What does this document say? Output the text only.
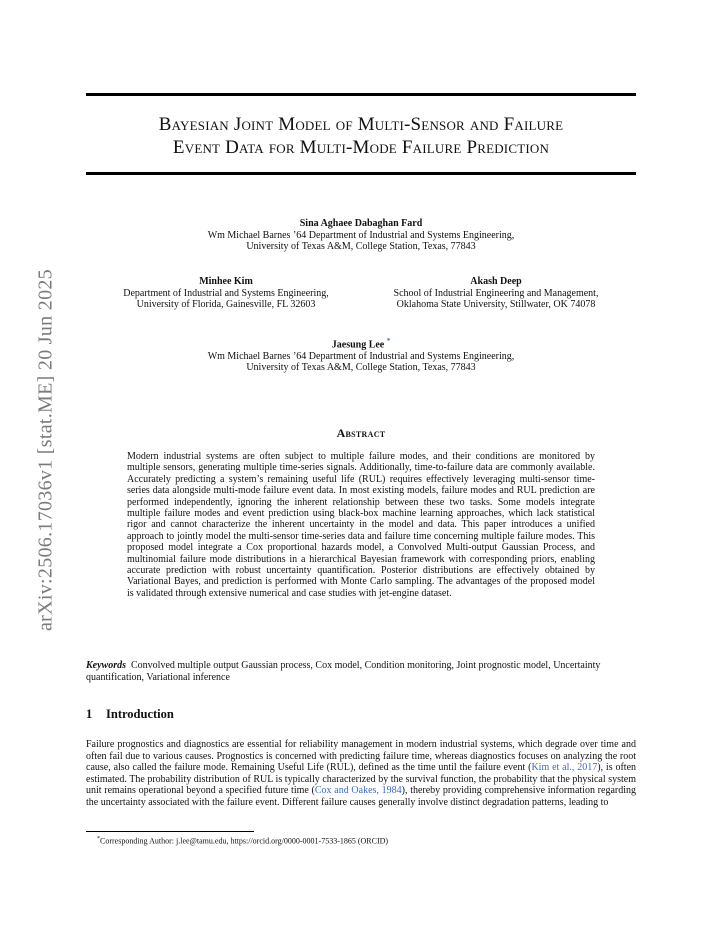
arXiv:2506.17036v1 [stat.ME] 20 Jun 2025
Bayesian Joint Model of Multi-Sensor and Failure
Event Data for Multi-Mode Failure Prediction
Sina Aghaee Dabaghan Fard
Wm Michael Barnes ’64 Department of Industrial and Systems Engineering,
University of Texas A&M, College Station, Texas, 77843
Minhee Kim
Department of Industrial and Systems Engineering,
University of Florida, Gainesville, FL 32603
Akash Deep
School of Industrial Engineering and Management,
Oklahoma State University, Stillwater, OK 74078
Jaesung Lee *
Wm Michael Barnes ’64 Department of Industrial and Systems Engineering,
University of Texas A&M, College Station, Texas, 77843
Abstract
Modern industrial systems are often subject to multiple failure modes, and their conditions are monitored by multiple sensors, generating multiple time-series signals. Additionally, time-to-failure data are commonly available. Accurately predicting a system’s remaining useful life (RUL) requires effectively leveraging multi-sensor time-series data alongside multi-mode failure event data. In most existing models, failure modes and RUL prediction are performed independently, ignoring the inherent relationship between these two tasks. Some models integrate multiple failure modes and event prediction using black-box machine learning approaches, which lack statistical rigor and cannot characterize the inherent uncertainty in the model and data. This paper introduces a unified approach to jointly model the multi-sensor time-series data and failure time concerning multiple failure modes. This proposed model integrate a Cox proportional hazards model, a Convolved Multi-output Gaussian Process, and multinomial failure mode distributions in a hierarchical Bayesian framework with corresponding priors, enabling accurate prediction with robust uncertainty quantification. Posterior distributions are effectively obtained by Variational Bayes, and prediction is performed with Monte Carlo sampling. The advantages of the proposed model is validated through extensive numerical and case studies with jet-engine dataset.
Keywords Convolved multiple output Gaussian process, Cox model, Condition monitoring, Joint prognostic model, Uncertainty quantification, Variational inference
1 Introduction
Failure prognostics and diagnostics are essential for reliability management in modern industrial systems, which degrade over time and often fail due to various causes. Prognostics is concerned with predicting failure time, whereas diagnostics focuses on analyzing the root cause, also called the failure mode. Remaining Useful Life (RUL), defined as the time until the failure event (Kim et al., 2017), is often estimated. The probability distribution of RUL is typically characterized by the survival function, the probability that the physical system unit remains operational beyond a specified future time (Cox and Oakes, 1984), thereby providing comprehensive information regarding the uncertainty associated with the failure event. Different failure causes generally involve distinct degradation patterns, leading to
*Corresponding Author: j.lee@tamu.edu, https://orcid.org/0000-0001-7533-1865 (ORCID)
